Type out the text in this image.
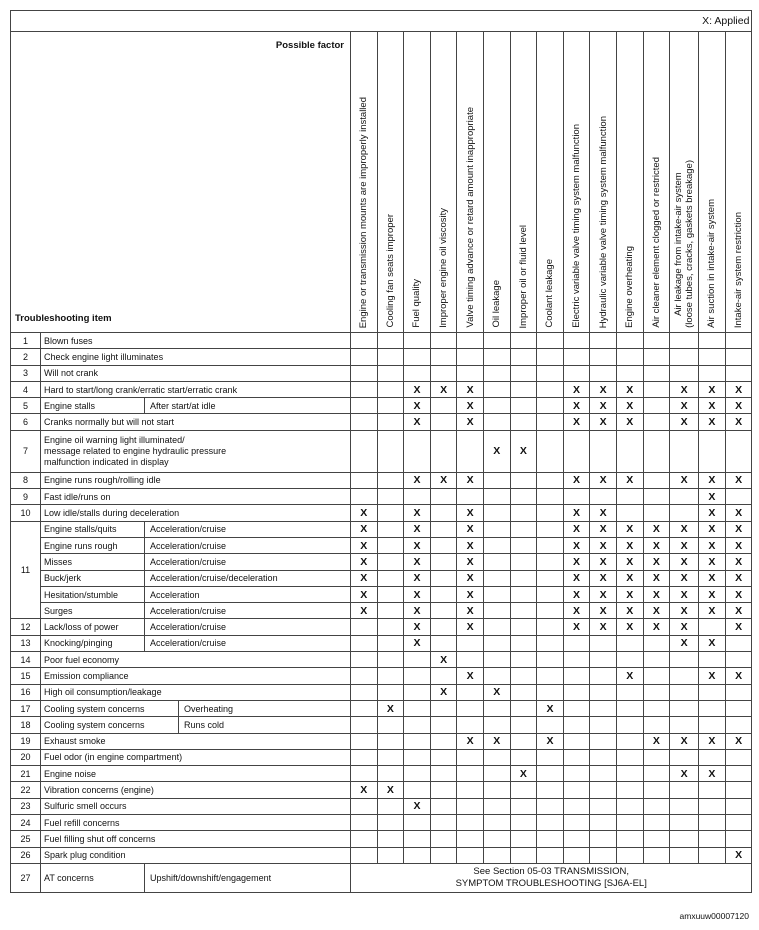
X: Applied																		

Possible factor
Troubleshooting item				Engine or transmission mounts are improperly installed	Cooling fan seats improper	Fuel quality	Improper engine oil viscosity	Valve timing advance or retard amount inappropriate	Oil leakage	Improper oil or fluid level	Coolant leakage	Electric variable valve timing system malfunction	Hydraulic variable valve timing system malfunction	Engine overheating	Air cleaner element clogged or restricted	Air leakage from intake-air system
(loose tubes, cracks, gaskets breakage)	Air suction in intake-air system	Intake-air system restriction

1	Blown fuses																	
2	Check engine light illuminates																	
3	Will not crank																	
4	Hard to start/long crank/erratic start/erratic crank					X	X	X				X	X	X		X	X	X
5	Engine stalls	After start/at idle				X		X				X	X	X		X	X	X
6	Cranks normally but will not start					X		X				X	X	X		X	X	X
7	Engine oil warning light illuminated/
message related to engine hydraulic pressure
malfunction indicated in display								X	X								
8	Engine runs rough/rolling idle					X	X	X				X	X	X		X	X	X
9	Fast idle/runs on																X	
10	Low idle/stalls during deceleration			X		X		X				X	X				X	X
11	Engine stalls/quits	Acceleration/cruise		X		X		X				X	X	X	X	X	X	X
	Engine runs rough	Acceleration/cruise		X		X		X				X	X	X	X	X	X	X
	Misses	Acceleration/cruise		X		X		X				X	X	X	X	X	X	X
	Buck/jerk	Acceleration/cruise/deceleration		X		X		X				X	X	X	X	X	X	X
	Hesitation/stumble	Acceleration		X		X		X				X	X	X	X	X	X	X
	Surges	Acceleration/cruise		X		X		X				X	X	X	X	X	X	X
12	Lack/loss of power	Acceleration/cruise				X		X				X	X	X	X	X		X
13	Knocking/pinging	Acceleration/cruise				X										X	X	
14	Poor fuel economy						X											
15	Emission compliance							X						X			X	X
16	High oil consumption/leakage						X		X									
17	Cooling system concerns		Overheating		X						X							
18	Cooling system concerns		Runs cold															
19	Exhaust smoke							X	X		X				X	X	X	X
20	Fuel odor (in engine compartment)																	
21	Engine noise									X						X	X	
22	Vibration concerns (engine)			X	X													
23	Sulfuric smell occurs					X												
24	Fuel refill concerns																	
25	Fuel filling shut off concerns																	
26	Spark plug condition																	X
27	AT concerns	Upshift/downshift/engagement		See Section 05-03 TRANSMISSION,
SYMPTOM TROUBLESHOOTING [SJ6A-EL]														
amxuuw00007120
